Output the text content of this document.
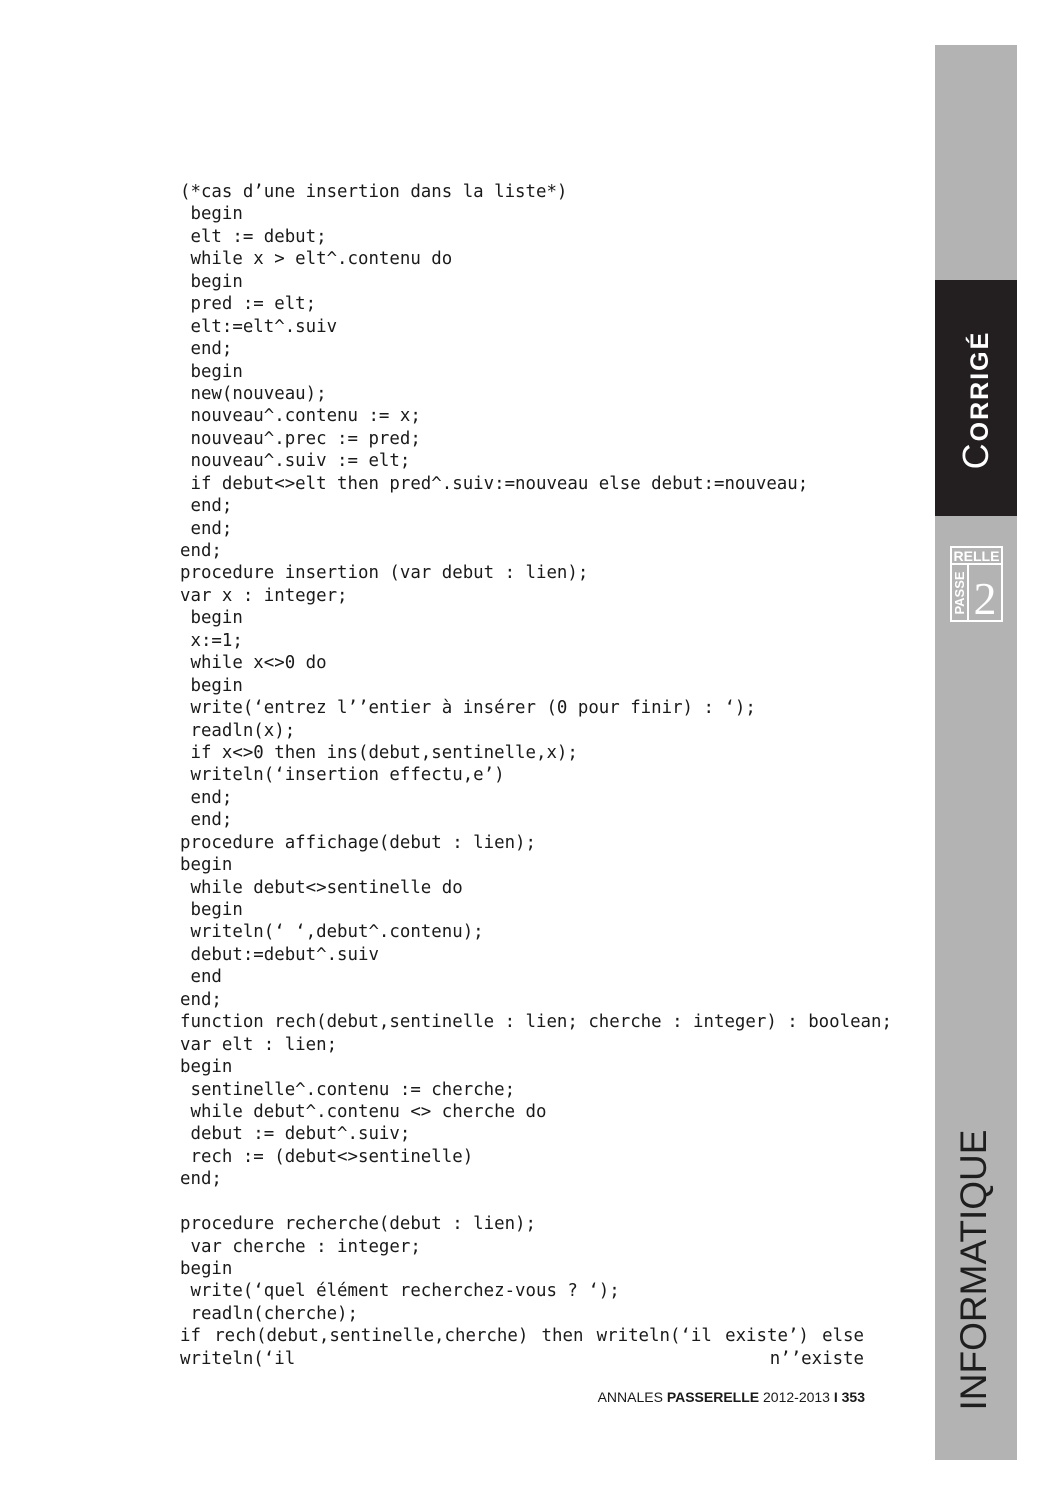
(*cas d’une insertion dans la liste*)
begin
elt := debut;
while x > elt^.contenu do
begin
pred := elt;
elt:=elt^.suiv
end;
begin
new(nouveau);
nouveau^.contenu := x;
nouveau^.prec := pred;
nouveau^.suiv := elt;
if debut<>elt then pred^.suiv:=nouveau else debut:=nouveau;
end;
end;
end;
procedure insertion (var debut : lien);
var x : integer;
begin
x:=1;
while x<>0 do
begin
write(‘entrez l’’entier à insérer (0 pour finir) : ‘);
readln(x);
if x<>0 then ins(debut,sentinelle,x);
writeln(‘insertion effectu,e’)
end;
end;
procedure affichage(debut : lien);
begin
while debut<>sentinelle do
begin
writeln(‘ ‘,debut^.contenu);
debut:=debut^.suiv
end
end;
function rech(debut,sentinelle : lien; cherche : integer) : boolean;
var elt : lien;
begin
sentinelle^.contenu := cherche;
while debut^.contenu <> cherche do
debut := debut^.suiv;
rech := (debut<>sentinelle)
end;
procedure recherche(debut : lien);
var cherche : integer;
begin
write(‘quel élément recherchez-vous ? ‘);
readln(cherche);
if rech(debut,sentinelle,cherche) then writeln(‘il existe’) else writeln(‘il n’’existe
ANNALES PASSERELLE 2012-2013 I 353
CORRIGÉ
RELLE
PASSE 2
INFORMATIQUE
